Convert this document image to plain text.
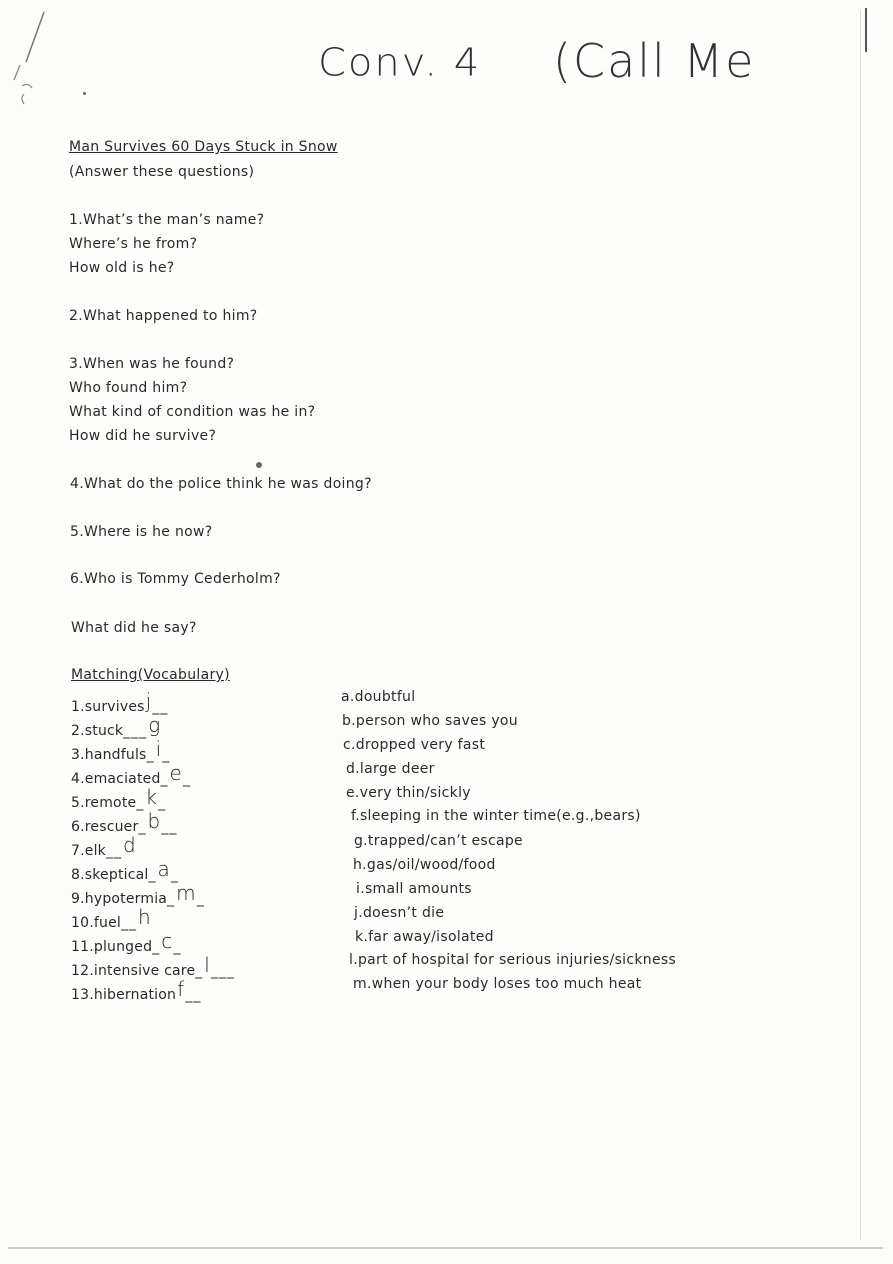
Conv. 4 (Call Me
Man Survives 60 Days Stuck in Snow
(Answer these questions)
1.What’s the man’s name?
Where’s he from?
How old is he?
2.What happened to him?
3.When was he found?
Who found him?
What kind of condition was he in?
How did he survive?
4.What do the police think he was doing?
5.Where is he now?
6.Who is Tommy Cederholm?
What did he say?
Matching(Vocabulary)
1.survivesj__
2.stuck___g
3.handfuls_i_
4.emaciated_e_
5.remote_k_
6.rescuer_b__
7.elk__d
8.skeptical_a_
9.hypotermia_m_
10.fuel__h
11.plunged_c_
12.intensive care_l___
13.hibernationf__
a.doubtful
b.person who saves you
c.dropped very fast
d.large deer
e.very thin/sickly
f.sleeping in the winter time(e.g.,bears)
g.trapped/can’t escape
h.gas/oil/wood/food
i.small amounts
j.doesn’t die
k.far away/isolated
l.part of hospital for serious injuries/sickness
m.when your body loses too much heat
